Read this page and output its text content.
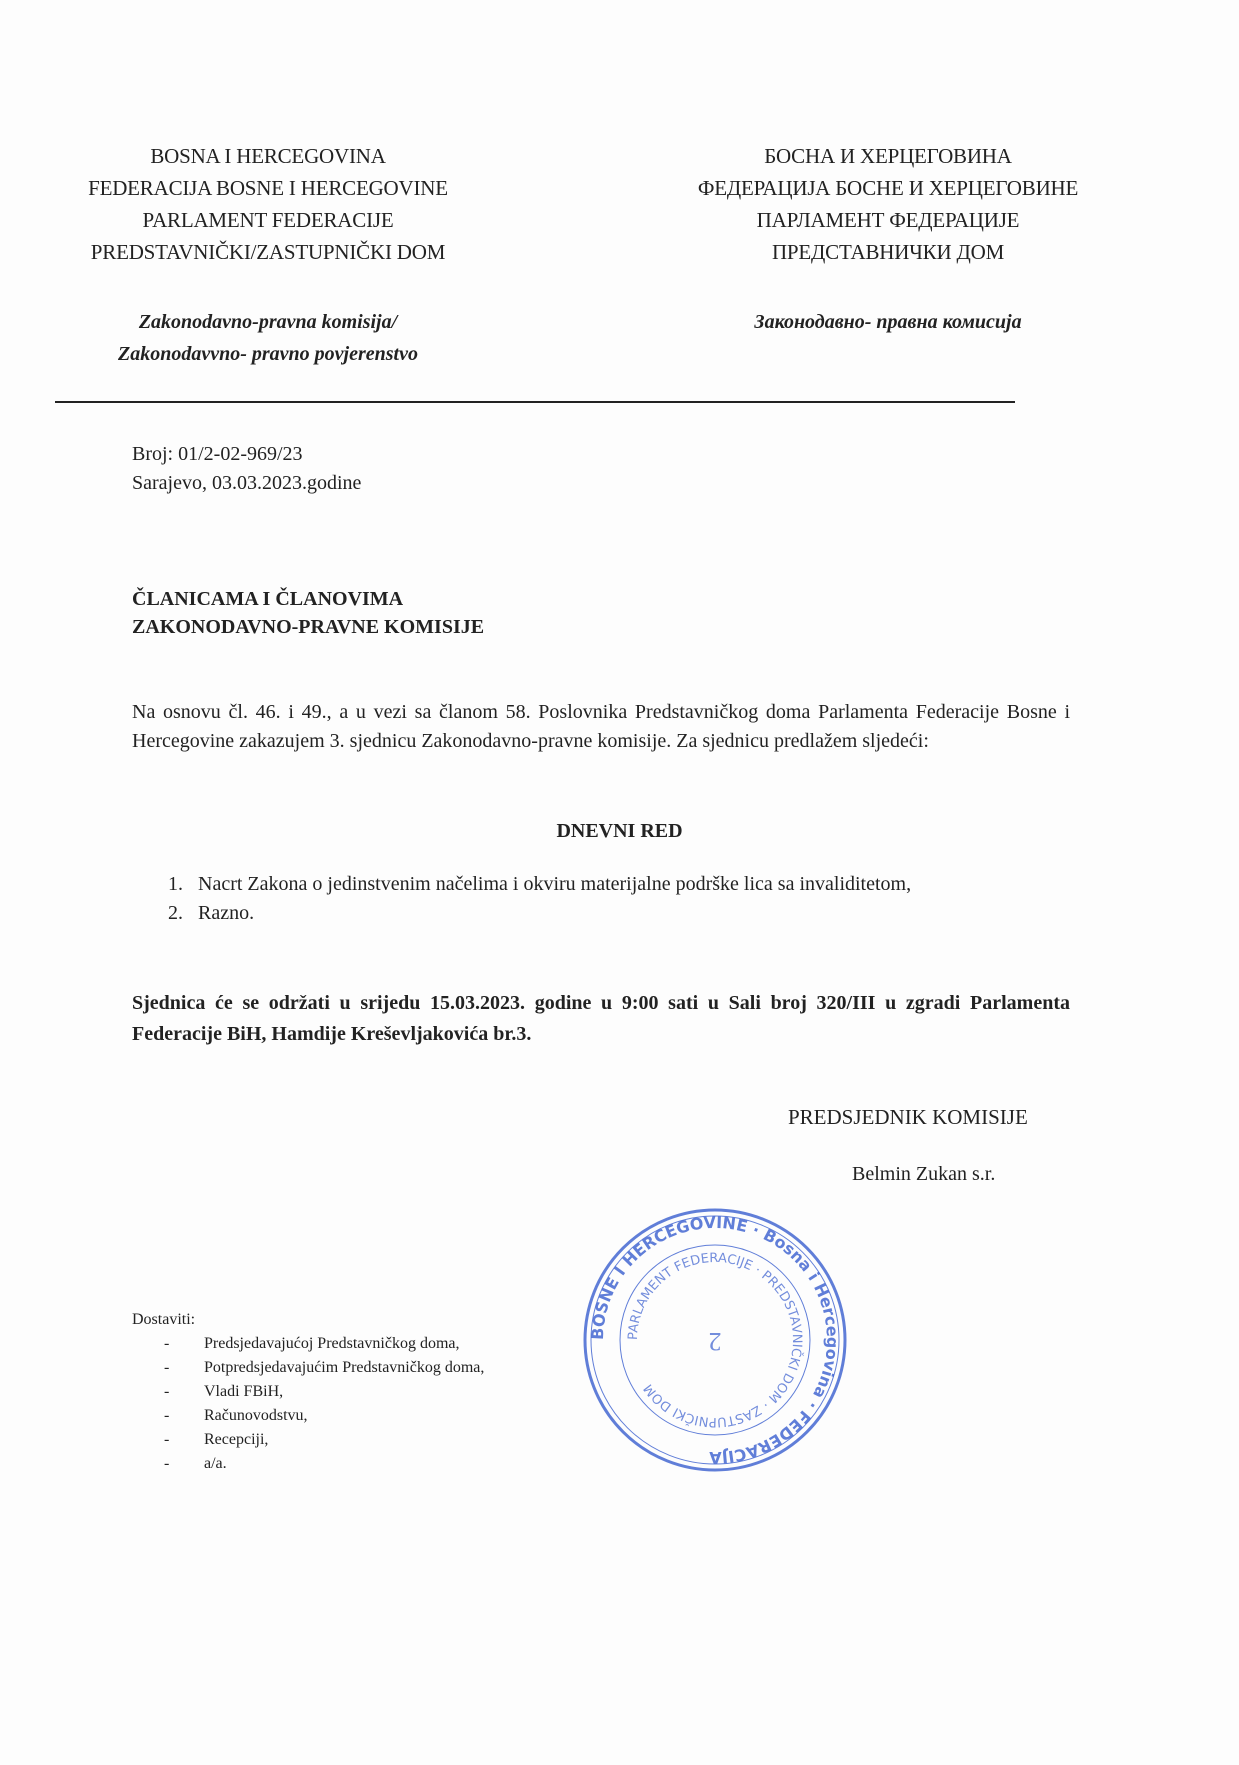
BOSNA I HERCEGOVINA
FEDERACIJA BOSNE I HERCEGOVINE
PARLAMENT FEDERACIJE
PREDSTAVNIČKI/ZASTUPNIČKI DOM
БОСНА И ХЕРЦЕГОВИНА
ФЕДЕРАЦИЈА БОСНЕ И ХЕРЦЕГОВИНЕ
ПАРЛАМЕНТ ФЕДЕРАЦИЈЕ
ПРЕДСТАВНИЧКИ ДОМ
Zakonodavno-pravna komisija/
Zakonodavvno- pravno povjerenstvo
Законодавно- правна комисија
Broj: 01/2-02-969/23
Sarajevo, 03.03.2023.godine
ČLANICAMA I ČLANOVIMA
ZAKONODAVNO-PRAVNE KOMISIJE
Na osnovu čl. 46. i 49., a u vezi sa članom 58. Poslovnika Predstavničkog doma Parlamenta Federacije Bosne i Hercegovine zakazujem 3. sjednicu Zakonodavno-pravne komisije. Za sjednicu predlažem sljedeći:
DNEVNI RED
1. Nacrt Zakona o jedinstvenim načelima i okviru materijalne podrške lica sa invaliditetom,
2. Razno.
Sjednica će se održati u srijedu 15.03.2023. godine u 9:00 sati u Sali broj 320/III u zgradi Parlamenta Federacije BiH, Hamdije Kreševljakovića br.3.
BOSNE I HERCEGOVINE · Bosna i Hercegovina · FEDERACIJA
PARLAMENT FEDERACIJE · PREDSTAVNIČKI DOM · ZASTUPNIČKI DOM
2
PREDSJEDNIK KOMISIJE
Belmin Zukan s.r.
Dostaviti:
- Predsjedavajućoj Predstavničkog doma,
- Potpredsjedavajućim Predstavničkog doma,
- Vladi FBiH,
- Računovodstvu,
- Recepciji,
- a/a.
